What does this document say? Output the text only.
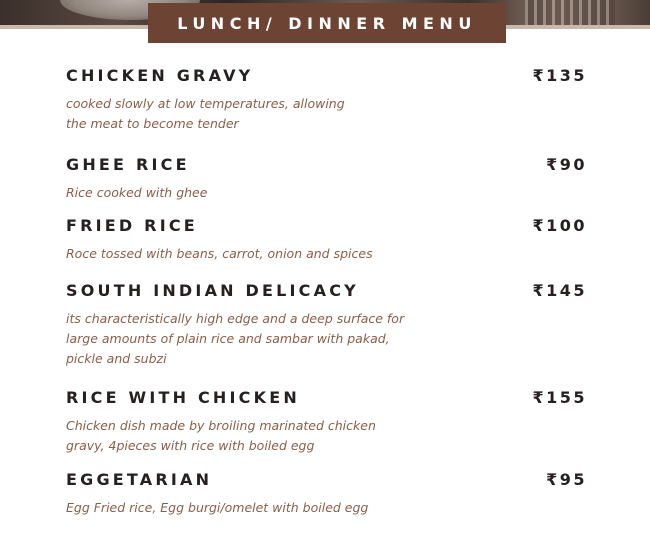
LUNCH/ DINNER MENU
CHICKEN GRAVY	₹135
cooked slowly at low temperatures, allowing the meat to become tender
GHEE RICE	₹90
Rice cooked with ghee
FRIED RICE	₹100
Roce tossed with beans, carrot, onion and spices
SOUTH INDIAN DELICACY	₹145
its characteristically high edge and a deep surface for large amounts of plain rice and sambar with pakad, pickle and subzi
RICE WITH CHICKEN	₹155
Chicken dish made by broiling marinated chicken gravy, 4pieces with rice with boiled egg
EGGETARIAN	₹95
Egg Fried rice, Egg burgi/omelet with boiled egg
